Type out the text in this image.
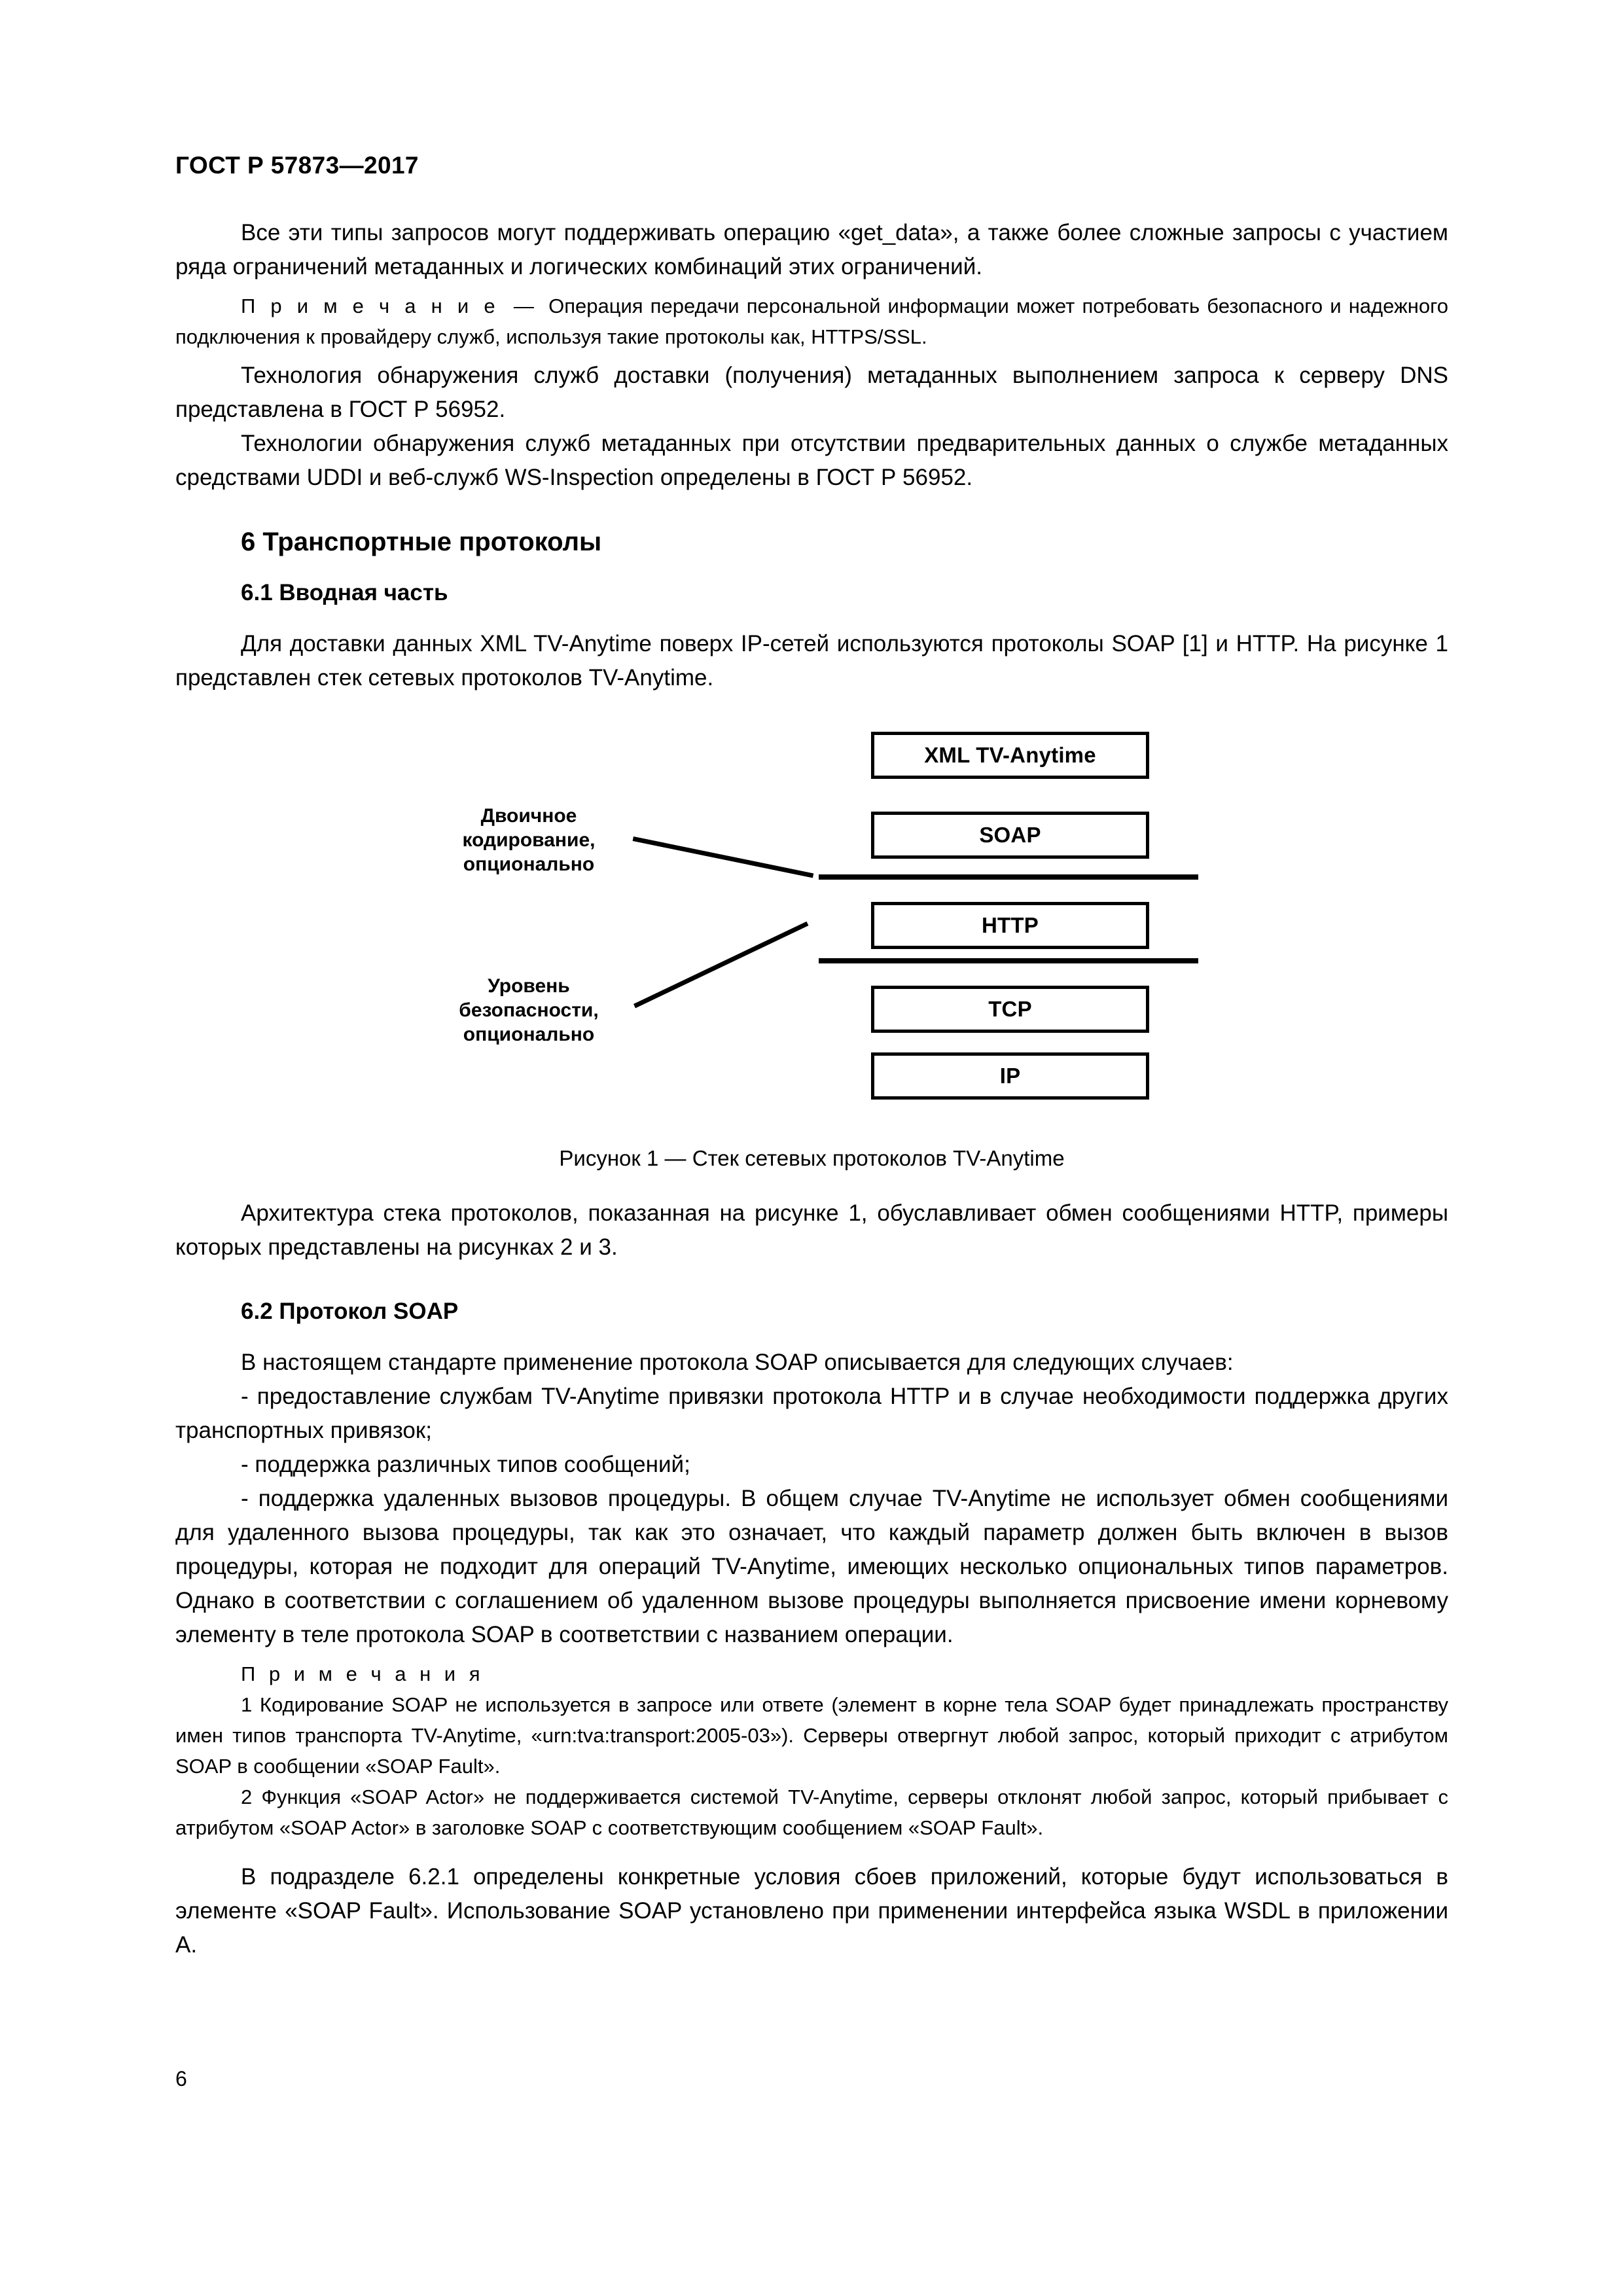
ГОСТ Р 57873—2017

Все эти типы запросов могут поддерживать операцию «get_data», а также более сложные запросы с участием ряда ограничений метаданных и логических комбинаций этих ограничений.

П р и м е ч а н и е  —  Операция передачи персональной информации может потребовать безопасного и надежного подключения к провайдеру служб, используя такие протоколы как, HTTPS/SSL.

Технология обнаружения служб доставки (получения) метаданных выполнением запроса к серверу DNS представлена в ГОСТ Р 56952.

Технологии обнаружения служб метаданных при отсутствии предварительных данных о службе метаданных средствами UDDI и веб-служб WS-Inspection определены в ГОСТ Р 56952.

6 Транспортные протоколы
6.1 Вводная часть

Для доставки данных XML TV-Anytime поверх IP-сетей используются протоколы SOAP [1] и HTTP. На рисунке 1 представлен стек сетевых протоколов TV-Anytime.

XML TV-Anytime
SOAP
HTTP
TCP
IP
Двоичное
кодирование,
опционально
Уровень
безопасности,
опционально
Рисунок 1 — Стек сетевых протоколов TV-Anytime

Архитектура стека протоколов, показанная на рисунке 1, обуславливает обмен сообщениями HTTP, примеры которых представлены на рисунках 2 и 3.

6.2 Протокол SOAP

В настоящем стандарте применение протокола SOAP описывается для следующих случаев:

- предоставление службам TV-Anytime привязки протокола HTTP и в случае необходимости поддержка других транспортных привязок;

- поддержка различных типов сообщений;

- поддержка удаленных вызовов процедуры. В общем случае TV-Anytime не использует обмен сообщениями для удаленного вызова процедуры, так как это означает, что каждый параметр должен быть включен в вызов процедуры, которая не подходит для операций TV-Anytime, имеющих несколько опциональных типов параметров. Однако в соответствии с соглашением об удаленном вызове процедуры выполняется присвоение имени корневому элементу в теле протокола SOAP в соответствии с названием операции.

П р и м е ч а н и я

1 Кодирование SOAP не используется в запросе или ответе (элемент в корне тела SOAP будет принадлежать пространству имен типов транспорта TV-Anytime, «urn:tva:transport:2005-03»). Серверы отвергнут любой запрос, который приходит с атрибутом SOAP в сообщении «SOAP Fault».

2 Функция «SOAP Actor» не поддерживается системой TV-Anytime, серверы отклонят любой запрос, который прибывает с атрибутом «SOAP Actor» в заголовке SOAP с соответствующим сообщением «SOAP Fault».

В подразделе 6.2.1 определены конкретные условия сбоев приложений, которые будут использоваться в элементе «SOAP Fault». Использование SOAP установлено при применении интерфейса языка WSDL в приложении A.

6
